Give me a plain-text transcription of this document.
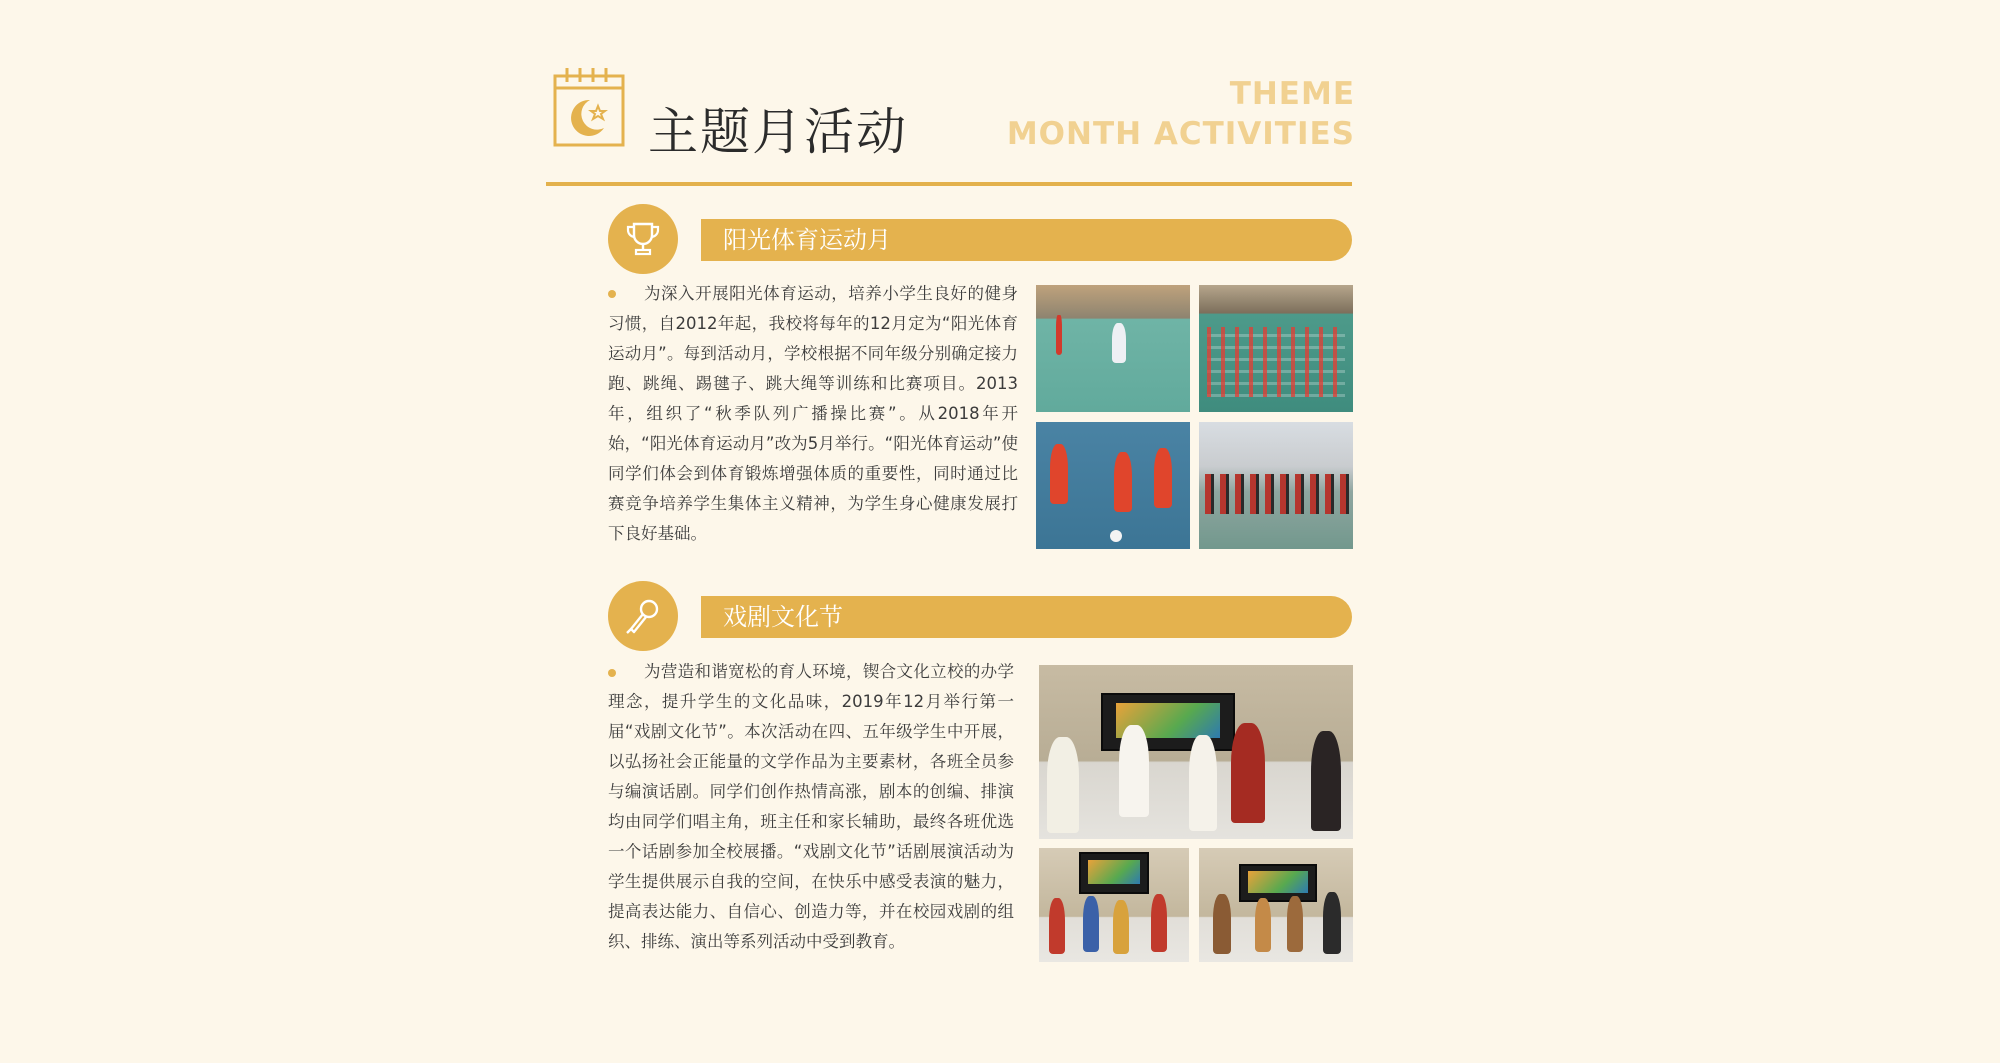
主题月活动
THEME
MONTH ACTIVITIES
阳光体育运动月
为深入开展阳光体育运动，培养小学生良好的健身习惯，自2012年起，我校将每年的12月定为“阳光体育运动月”。每到活动月，学校根据不同年级分别确定接力跑、跳绳、踢毽子、跳大绳等训练和比赛项目。2013年，组织了“秋季队列广播操比赛”。从2018年开始，“阳光体育运动月”改为5月举行。“阳光体育运动”使同学们体会到体育锻炼增强体质的重要性，同时通过比赛竞争培养学生集体主义精神，为学生身心健康发展打下良好基础。
戏剧文化节
为营造和谐宽松的育人环境，锲合文化立校的办学理念，提升学生的文化品味，2019年12月举行第一届“戏剧文化节”。本次活动在四、五年级学生中开展，以弘扬社会正能量的文学作品为主要素材，各班全员参与编演话剧。同学们创作热情高涨，剧本的创编、排演均由同学们唱主角，班主任和家长辅助，最终各班优选一个话剧参加全校展播。“戏剧文化节”话剧展演活动为学生提供展示自我的空间，在快乐中感受表演的魅力，提高表达能力、自信心、创造力等，并在校园戏剧的组织、排练、演出等系列活动中受到教育。
